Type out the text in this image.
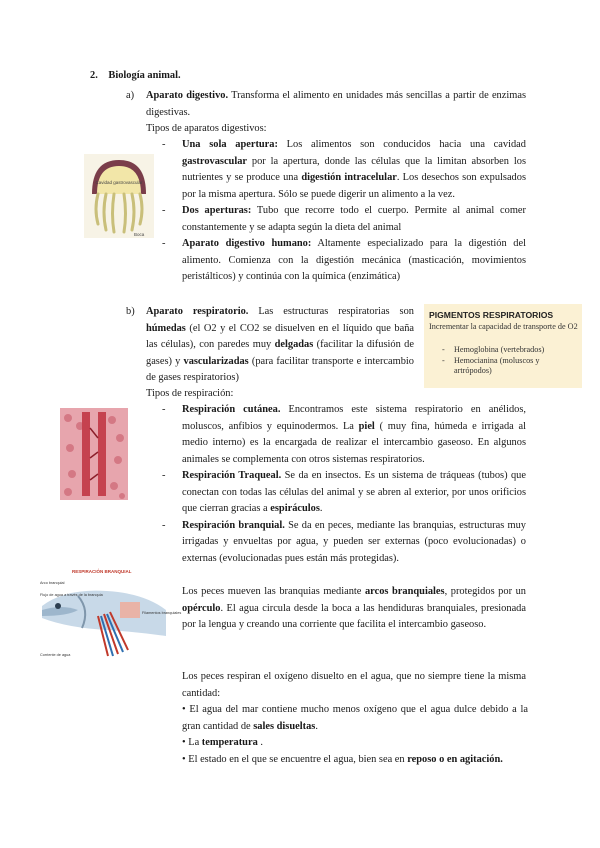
2. Biología animal.
a) Aparato digestivo. Transforma el alimento en unidades más sencillas a partir de enzimas digestivas.
Tipos de aparatos digestivos:
Cavidad gastrovascular
Boca
- Una sola apertura: Los alimentos son conducidos hacia una cavidad gastrovascular por la apertura, donde las células que la limitan absorben los nutrientes y se produce una digestión intracelular. Los desechos son expulsados por la misma apertura. Sólo se puede digerir un alimento a la vez.
- Dos aperturas: Tubo que recorre todo el cuerpo. Permite al animal comer constantemente y se adapta según la dieta del animal
- Aparato digestivo humano: Altamente especializado para la digestión del alimento. Comienza con la digestión mecánica (masticación, movimientos peristálticos) y continúa con la química (enzimática)
b) Aparato respiratorio. Las estructuras respiratorias son húmedas (el O2 y el CO2 se disuelven en el líquido que baña las células), con paredes muy delgadas (facilitar la difusión de gases) y vascularizadas (para facilitar transporte e intercambio de gases respiratorios)
Tipos de respiración:
PIGMENTOS RESPIRATORIOS
Incrementar la capacidad de transporte de O2
- Hemoglobina (vertebrados)
- Hemocianina (moluscos y artrópodos)
- Respiración cutánea. Encontramos este sistema respiratorio en anélidos, moluscos, anfibios y equinodermos. La piel ( muy fina, húmeda e irrigada al medio interno) es la encargada de realizar el intercambio gaseoso. En algunos animales se complementa con otros sistemas respiratorios.
- Respiración Traqueal. Se da en insectos. Es un sistema de tráqueas (tubos) que conectan con todas las células del animal y se abren al exterior, por unos orificios que cierran gracias a espiráculos.
- Respiración branquial. Se da en peces, mediante las branquias, estructuras muy irrigadas y envueltas por agua, y pueden ser externas (poco evolucionadas) o externas (evolucionadas pues están más protegidas).
RESPIRACIÓN BRANQUIAL
Arco branquial
Flujo de agua a través de la branquia
Filamentos branquiales
Corriente de agua
Los peces mueven las branquias mediante arcos branquiales, protegidos por un opérculo. El agua circula desde la boca a las hendiduras branquiales, presionada por la lengua y creando una corriente que facilita el intercambio gaseoso.
Los peces respiran el oxígeno disuelto en el agua, que no siempre tiene la misma cantidad:
• El agua del mar contiene mucho menos oxígeno que el agua dulce debido a la gran cantidad de sales disueltas.
• La temperatura .
• El estado en el que se encuentre el agua, bien sea en reposo o en agitación.
